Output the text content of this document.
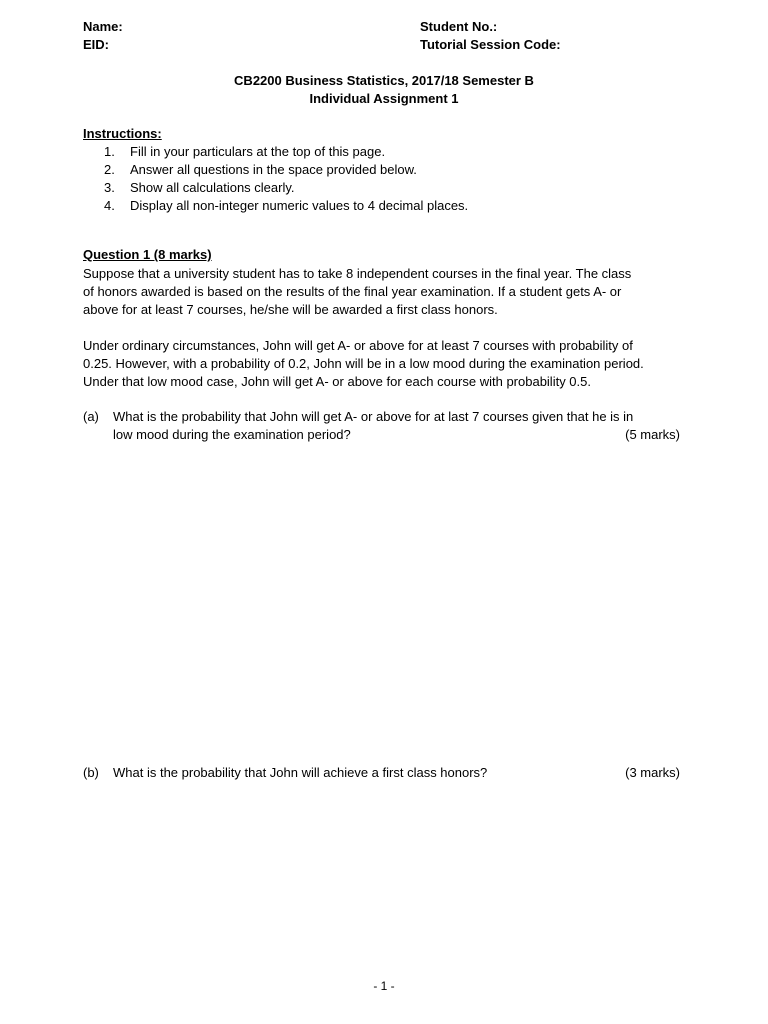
Name:
EID:
Student No.:
Tutorial Session Code:
CB2200 Business Statistics, 2017/18 Semester B
Individual Assignment 1
Instructions:
1. Fill in your particulars at the top of this page.
2. Answer all questions in the space provided below.
3. Show all calculations clearly.
4. Display all non-integer numeric values to 4 decimal places.
Question 1 (8 marks)
Suppose that a university student has to take 8 independent courses in the final year. The class
of honors awarded is based on the results of the final year examination. If a student gets A- or
above for at least 7 courses, he/she will be awarded a first class honors.
Under ordinary circumstances, John will get A- or above for at least 7 courses with probability of
0.25. However, with a probability of 0.2, John will be in a low mood during the examination period.
Under that low mood case, John will get A- or above for each course with probability 0.5.
(a) What is the probability that John will get A- or above for at last 7 courses given that he is in
low mood during the examination period?	(5 marks)
(b) What is the probability that John will achieve a first class honors?	(3 marks)
- 1 -
